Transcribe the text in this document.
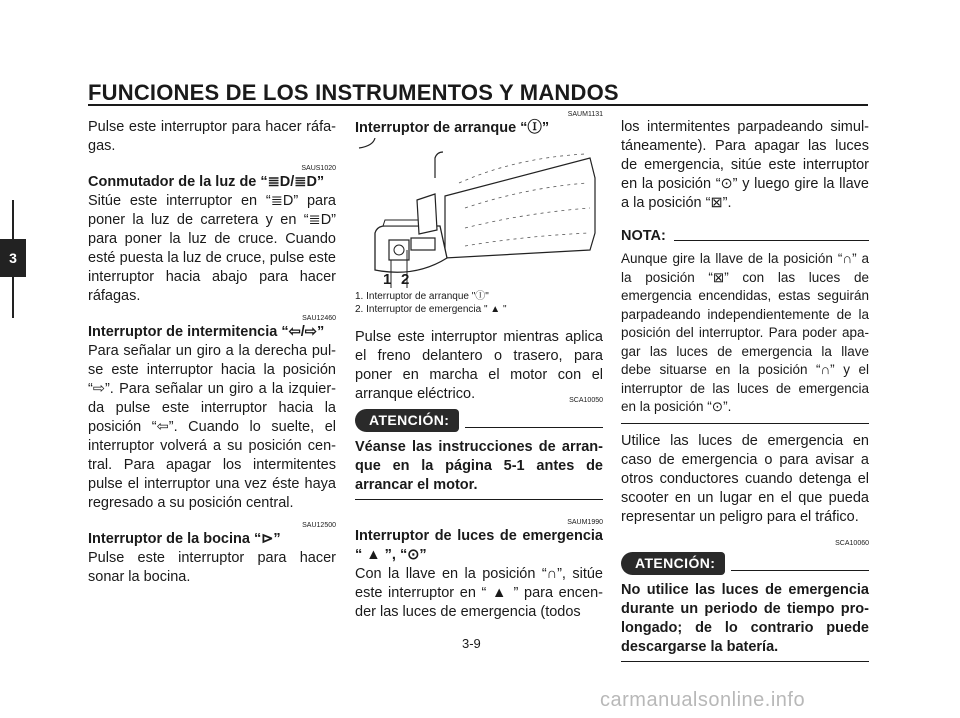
FUNCIONES DE LOS INSTRUMENTOS Y MANDOS
3

Pulse este interruptor para hacer ráfa-gas.

SAUS1020

Conmutador de la luz de “≣D/≣D”

Sitúe este interruptor en “≣D” para poner la luz de carretera y en “≣D” para poner la luz de cruce. Cuando esté puesta la luz de cruce, pulse este interruptor hacia abajo para hacer ráfagas.

SAU12460

Interruptor de intermitencia “⇦/⇨”

Para señalar un giro a la derecha pul-se este interruptor hacia la posición “⇨”. Para señalar un giro a la izquier-da pulse este interruptor hacia la posición “⇦”. Cuando lo suelte, el interruptor volverá a su posición cen-tral. Para apagar los intermitentes pulse el interruptor una vez éste haya regresado a su posición central.

SAU12500

Interruptor de la bocina “⊳”

Pulse este interruptor para hacer sonar la bocina.

SAUM1131

Interruptor de arranque “Ⓘ”

1 2
1. Interruptor de arranque "Ⓘ"
2. Interruptor de emergencia " ▲ "

Pulse este interruptor mientras aplica el freno delantero o trasero, para poner en marcha el motor con el arranque eléctrico.	SCA10050
ATENCIÓN:

Véanse las instrucciones de arran-que en la página 5-1 antes de arrancar el motor.

SAUM1990

Interruptor de luces de emergencia “ ▲ ”, “⊙”

Con la llave en la posición “∩”, sitúe este interruptor en “ ▲ ” para encen-der las luces de emergencia (todos

los intermitentes parpadeando simul-táneamente). Para apagar las luces de emergencia, sitúe este interruptor en la posición “⊙” y luego gire la llave a la posición “⊠”.

NOTA:

Aunque gire la llave de la posición “∩” a la posición “⊠” con las luces de emergencia encendidas, estas seguirán parpadeando independientemente de la posición del interruptor. Para poder apa-gar las luces de emergencia la llave debe situarse en la posición “∩” y el interruptor de las luces de emergencia en la posición “⊙”.

Utilice las luces de emergencia en caso de emergencia o para avisar a otros conductores cuando detenga el scooter en un lugar en el que pueda representar un peligro para el tráfico.

SCA10060
ATENCIÓN:

No utilice las luces de emergencia durante un periodo de tiempo pro-longado; de lo contrario puede descargarse la batería.

3-9
carmanualsonline.info
